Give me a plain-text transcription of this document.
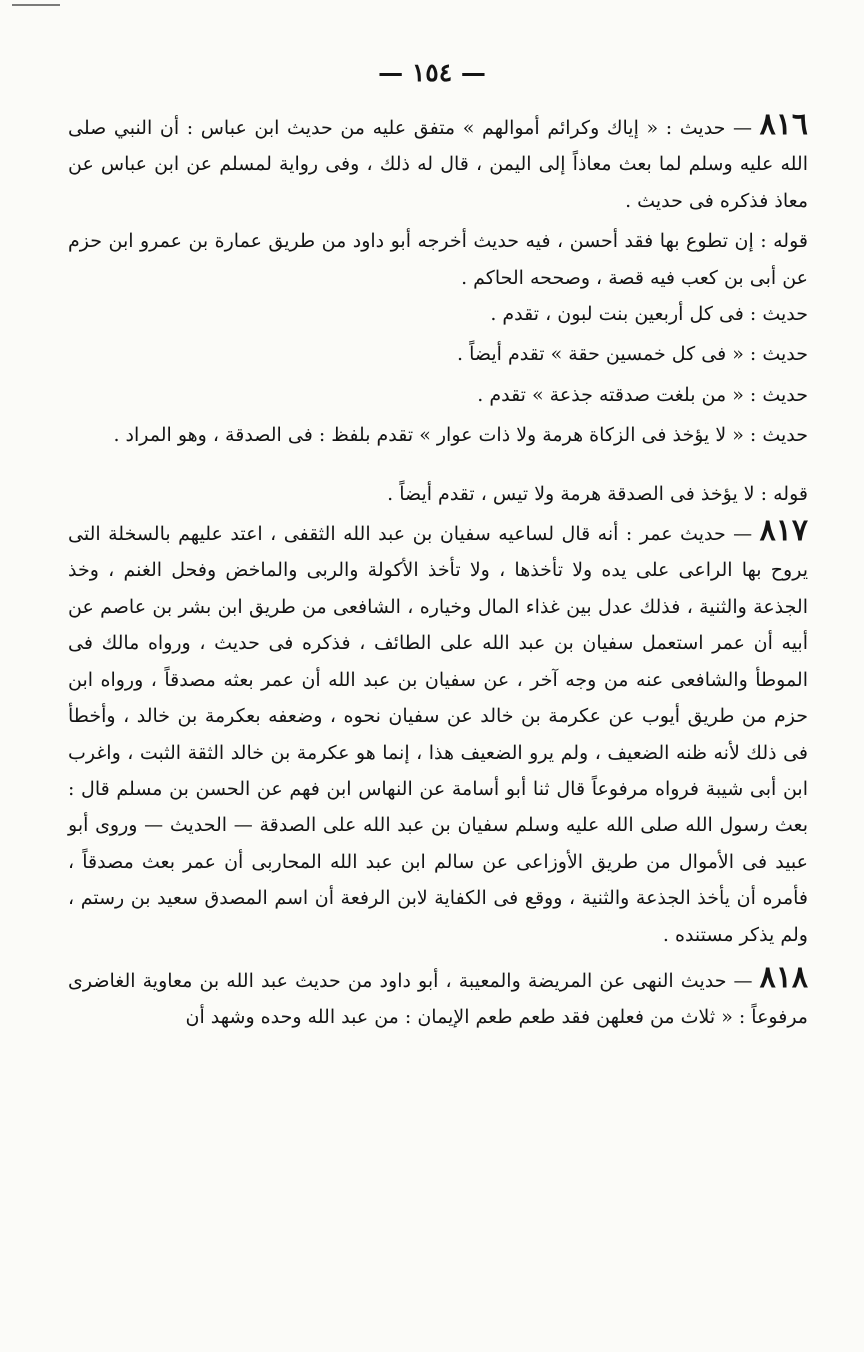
— ١٥٤ —

٨١٦ — حديث : « إياك وكرائم أموالهم » متفق عليه من حديث ابن عباس : أن النبي صلى الله عليه وسلم لما بعث معاذاً إلى اليمن ، قال له ذلك ، وفى رواية لمسلم عن ابن عباس عن معاذ فذكره فى حديث .

قوله : إن تطوع بها فقد أحسن ، فيه حديث أخرجه أبو داود من طريق عمارة بن عمرو ابن حزم عن أبى بن كعب فيه قصة ، وصححه الحاكم .

حديث : فى كل أربعين بنت لبون ، تقدم .

حديث : « فى كل خمسين حقة » تقدم أيضاً .

حديث : « من بلغت صدقته جذعة » تقدم .

حديث : « لا يؤخذ فى الزكاة هرمة ولا ذات عوار » تقدم بلفظ : فى الصدقة ، وهو المراد .

قوله : لا يؤخذ فى الصدقة هرمة ولا تيس ، تقدم أيضاً .

٨١٧ — حديث عمر : أنه قال لساعيه سفيان بن عبد الله الثقفى ، اعتد عليهم بالسخلة التى يروح بها الراعى على يده ولا تأخذها ، ولا تأخذ الأكولة والربى والماخض وفحل الغنم ، وخذ الجذعة والثنية ، فذلك عدل بين غذاء المال وخياره ، الشافعى من طريق ابن بشر بن عاصم عن أبيه أن عمر استعمل سفيان بن عبد الله على الطائف ، فذكره فى حديث ، ورواه مالك فى الموطأ والشافعى عنه من وجه آخر ، عن سفيان بن عبد الله أن عمر بعثه مصدقاً ، ورواه ابن حزم من طريق أيوب عن عكرمة بن خالد عن سفيان نحوه ، وضعفه بعكرمة بن خالد ، وأخطأ فى ذلك لأنه ظنه الضعيف ، ولم يرو الضعيف هذا ، إنما هو عكرمة بن خالد الثقة الثبت ، واغرب ابن أبى شيبة فرواه مرفوعاً قال ثنا أبو أسامة عن النهاس ابن فهم عن الحسن بن مسلم قال : بعث رسول الله صلى الله عليه وسلم سفيان بن عبد الله على الصدقة — الحديث — وروى أبو عبيد فى الأموال من طريق الأوزاعى عن سالم ابن عبد الله المحاربى أن عمر بعث مصدقاً ، فأمره أن يأخذ الجذعة والثنية ، ووقع فى الكفاية لابن الرفعة أن اسم المصدق سعيد بن رستم ، ولم يذكر مستنده .

٨١٨ — حديث النهى عن المريضة والمعيبة ، أبو داود من حديث عبد الله بن معاوية الغاضرى مرفوعاً : « ثلاث من فعلهن فقد طعم طعم الإيمان : من عبد الله وحده وشهد أن
